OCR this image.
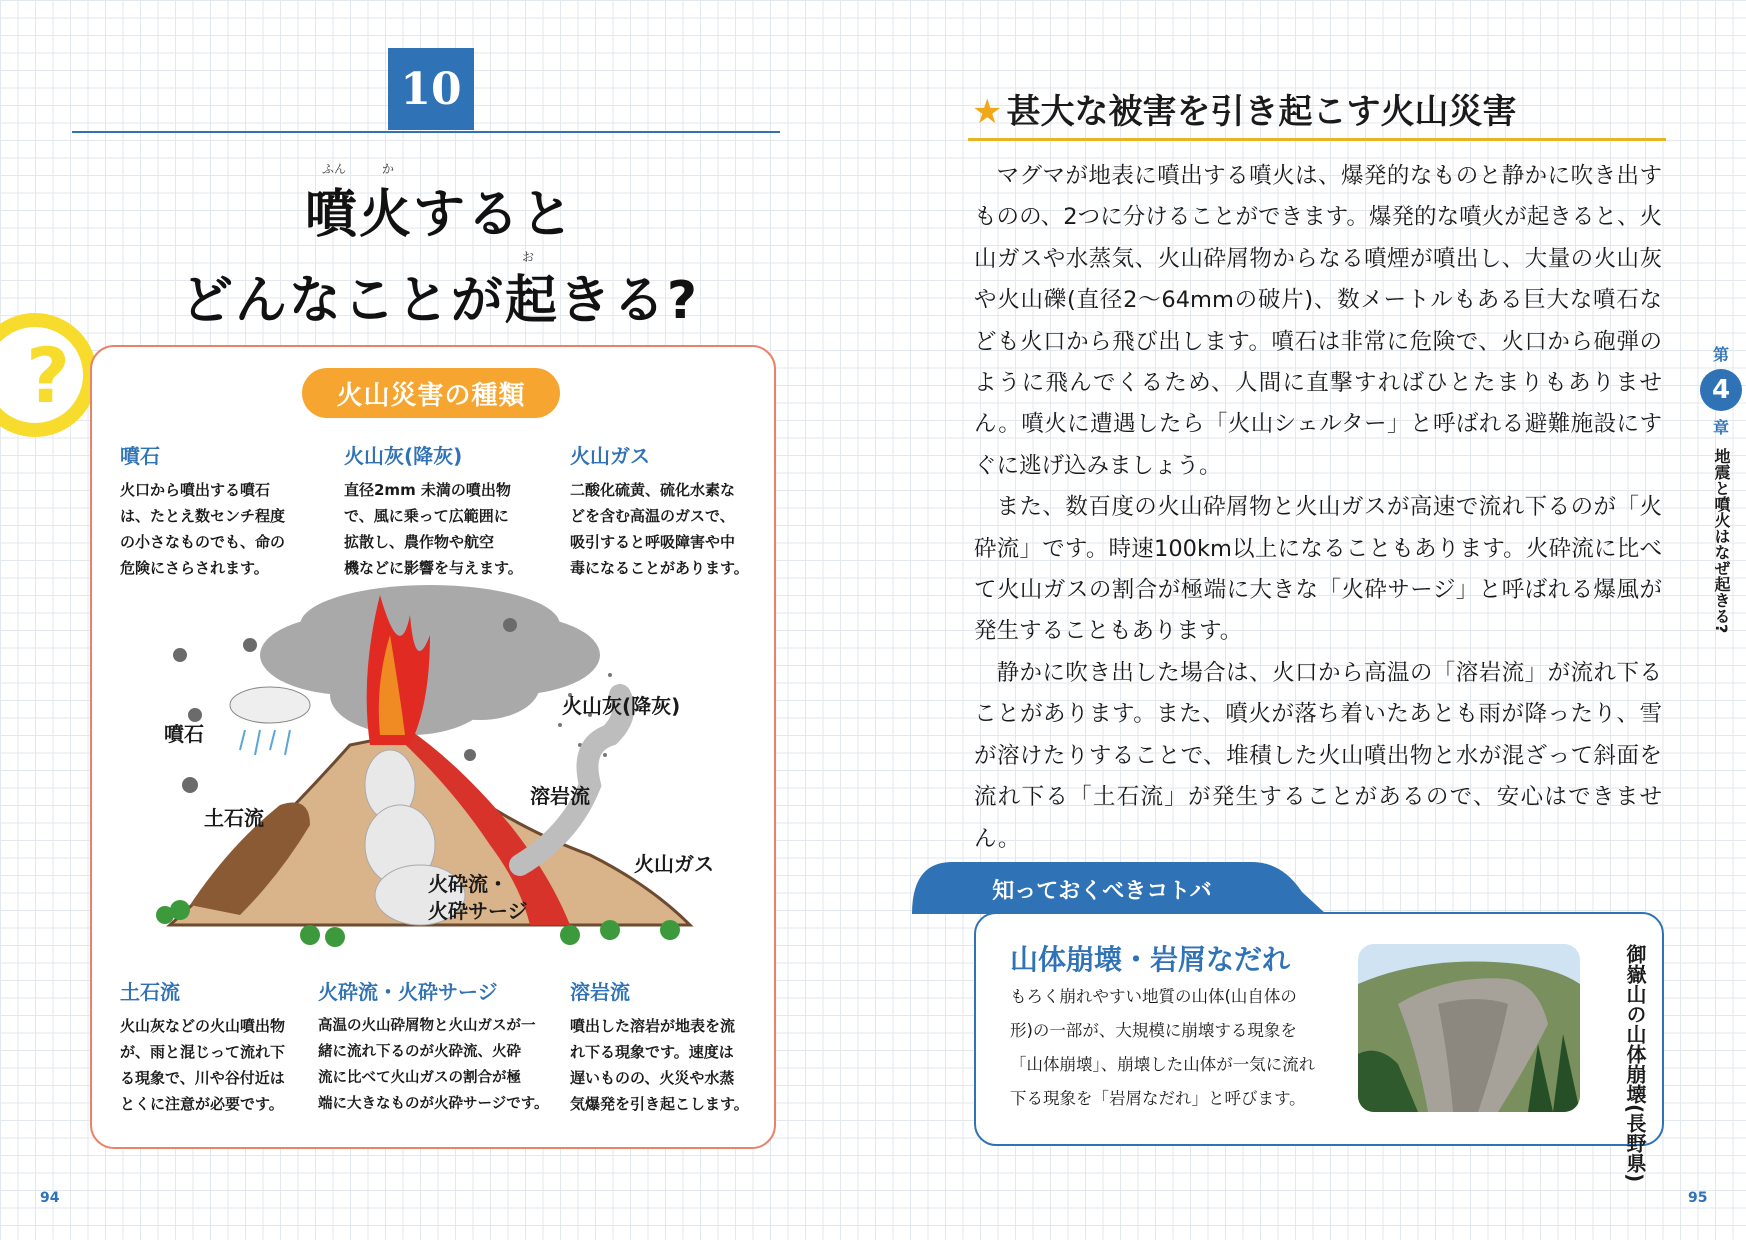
10
ふん	か
お
噴火すると
どんなことが起きる?
?	火山災害の種類
噴石
火口から噴出する噴石
は、たとえ数センチ程度
の小さなものでも、命の
危険にさらされます。
火山灰(降灰)
直径2mm 未満の噴出物
で、風に乗って広範囲に
拡散し、農作物や航空
機などに影響を与えます。
火山ガス
二酸化硫黄、硫化水素な
どを含む高温のガスで、
吸引すると呼吸障害や中
毒になることがあります。
噴石
火山灰(降灰)
溶岩流
土石流
火山ガス
火砕流・
火砕サージ
土石流
火山灰などの火山噴出物
が、雨と混じって流れ下
る現象で、川や谷付近は
とくに注意が必要です。
火砕流・火砕サージ
高温の火山砕屑物と火山ガスが一
緒に流れ下るのが火砕流、火砕
流に比べて火山ガスの割合が極
端に大きなものが火砕サージです。
溶岩流
噴出した溶岩が地表を流
れ下る現象です。速度は
遅いものの、火災や水蒸
気爆発を引き起こします。
94
★ 甚大な被害を引き起こす火山災害

マグマが地表に噴出する噴火は、爆発的なものと静かに吹き出すものの、2つに分けることができます。爆発的な噴火が起きると、火山ガスや水蒸気、火山砕屑物からなる噴煙が噴出し、大量の火山灰や火山礫(直径2〜64mmの破片)、数メートルもある巨大な噴石なども火口から飛び出します。噴石は非常に危険で、火口から砲弾のように飛んでくるため、人間に直撃すればひとたまりもありません。噴火に遭遇したら「火山シェルター」と呼ばれる避難施設にすぐに逃げ込みましょう。

また、数百度の火山砕屑物と火山ガスが高速で流れ下るのが「火砕流」です。時速100km以上になることもあります。火砕流に比べて火山ガスの割合が極端に大きな「火砕サージ」と呼ばれる爆風が発生することもあります。

静かに吹き出した場合は、火口から高温の「溶岩流」が流れ下ることがあります。また、噴火が落ち着いたあとも雨が降ったり、雪が溶けたりすることで、堆積した火山噴出物と水が混ざって斜面を流れ下る「土石流」が発生することがあるので、安心はできません。

第
4
章
地震と噴火はなぜ起きる?
知っておくべきコトバ
山体崩壊・岩屑なだれ
もろく崩れやすい地質の山体(山自体の
形)の一部が、大規模に崩壊する現象を
「山体崩壊」、崩壊した山体が一気に流れ
下る現象を「岩屑なだれ」と呼びます。	御嶽山の山体崩壊(長野県)
95
